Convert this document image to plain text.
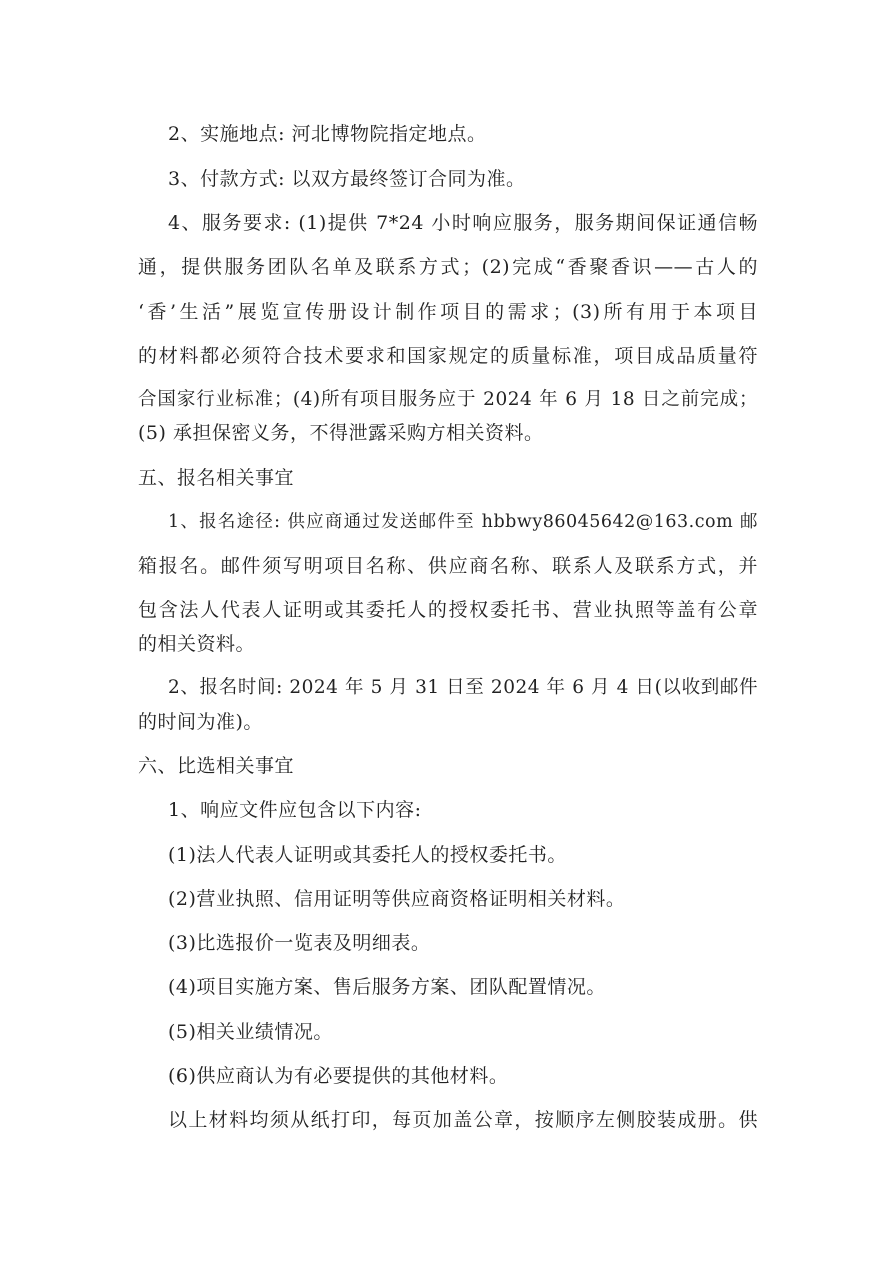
2、实施地点: 河北博物院指定地点。
3、付款方式: 以双方最终签订合同为准。
4、服务要求: (1)提供 7*24 小时响应服务，服务期间保证通信畅
通，提供服务团队名单及联系方式；(2)完成“香聚香识——古人的
‘香’生活”展览宣传册设计制作项目的需求；(3)所有用于本项目
的材料都必须符合技术要求和国家规定的质量标准，项目成品质量符
合国家行业标准；(4)所有项目服务应于 2024 年 6 月 18 日之前完成；
(5) 承担保密义务，不得泄露采购方相关资料。
五、报名相关事宜
1、报名途径: 供应商通过发送邮件至 hbbwy86045642@163.com 邮
箱报名。邮件须写明项目名称、供应商名称、联系人及联系方式，并
包含法人代表人证明或其委托人的授权委托书、营业执照等盖有公章
的相关资料。
2、报名时间: 2024 年 5 月 31 日至 2024 年 6 月 4 日(以收到邮件
的时间为准)。
六、比选相关事宜
1、响应文件应包含以下内容:
(1)法人代表人证明或其委托人的授权委托书。
(2)营业执照、信用证明等供应商资格证明相关材料。
(3)比选报价一览表及明细表。
(4)项目实施方案、售后服务方案、团队配置情况。
(5)相关业绩情况。
(6)供应商认为有必要提供的其他材料。
以上材料均须从纸打印，每页加盖公章，按顺序左侧胶装成册。供
